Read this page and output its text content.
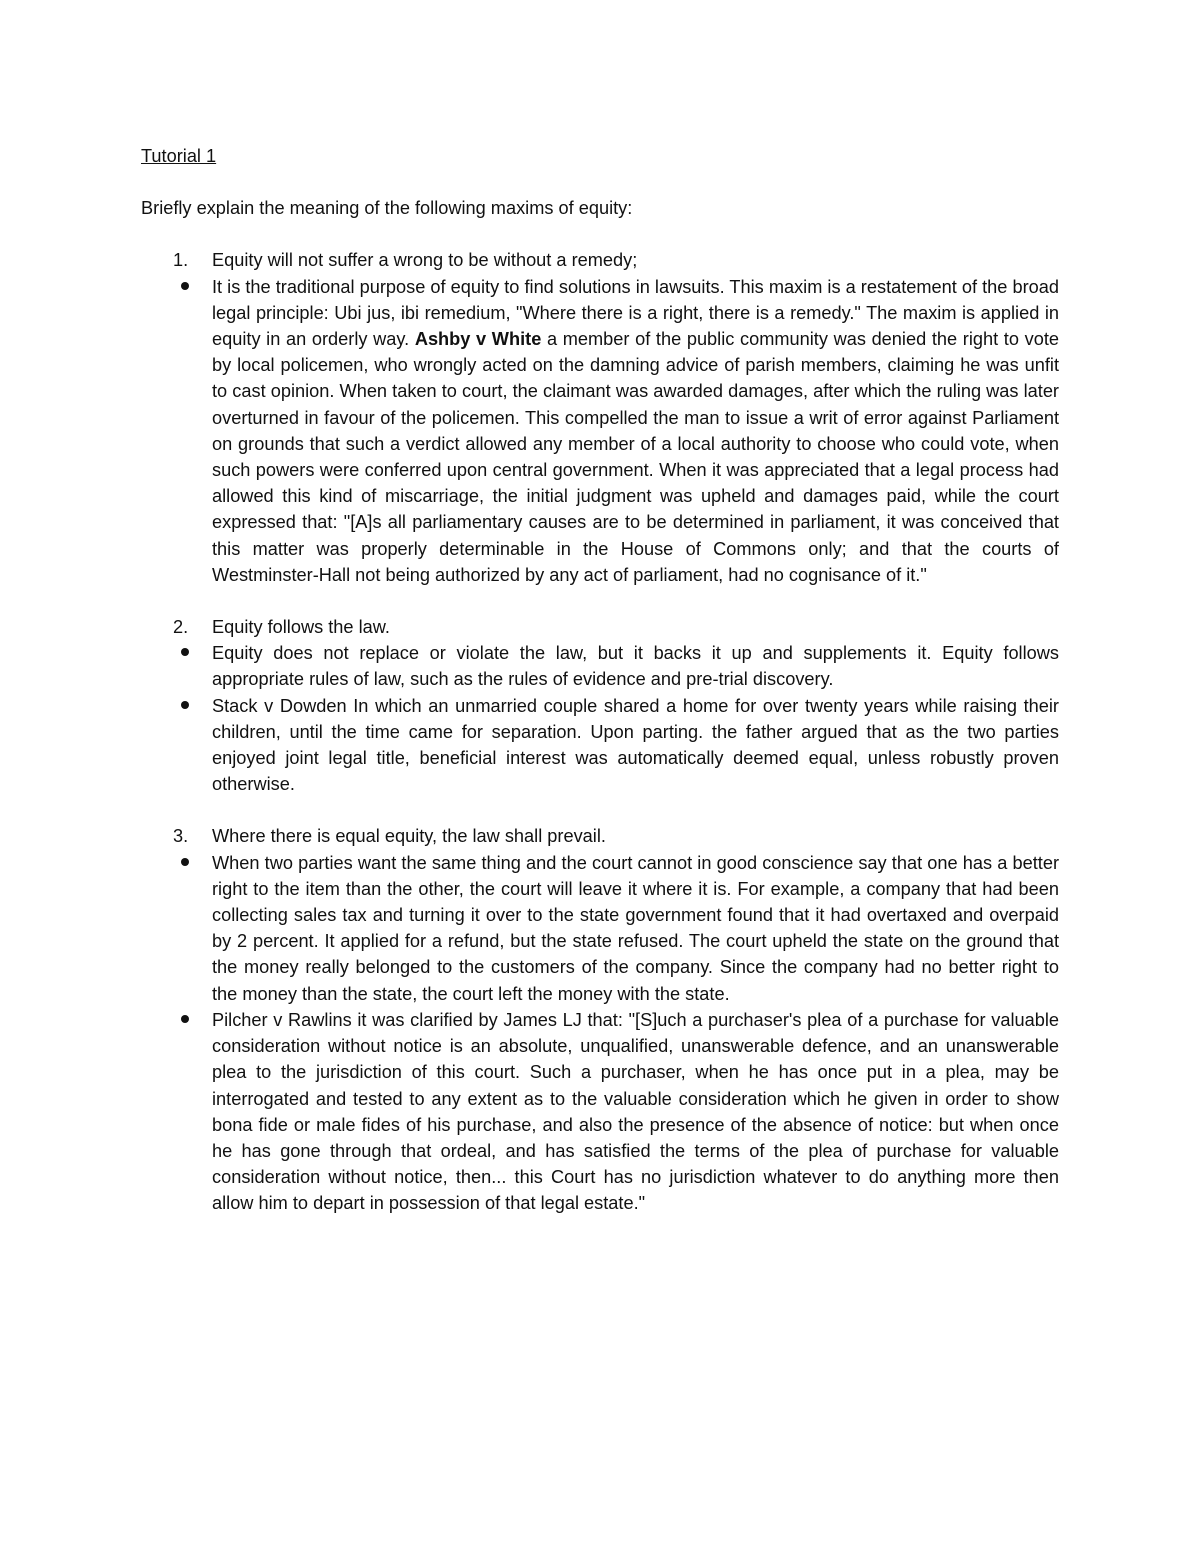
Tutorial 1

Briefly explain the meaning of the following maxims of equity:

1. Equity will not suffer a wrong to be without a remedy;
It is the traditional purpose of equity to find solutions in lawsuits. This maxim is a restatement of the broad legal principle: Ubi jus, ibi remedium, "Where there is a right, there is a remedy." The maxim is applied in equity in an orderly way. Ashby v White a member of the public community was denied the right to vote by local policemen, who wrongly acted on the damning advice of parish members, claiming he was unfit to cast opinion. When taken to court, the claimant was awarded damages, after which the ruling was later overturned in favour of the policemen. This compelled the man to issue a writ of error against Parliament on grounds that such a verdict allowed any member of a local authority to choose who could vote, when such powers were conferred upon central government. When it was appreciated that a legal process had allowed this kind of miscarriage, the initial judgment was upheld and damages paid, while the court expressed that: "[A]s all parliamentary causes are to be determined in parliament, it was conceived that this matter was properly determinable in the House of Commons only; and that the courts of Westminster-Hall not being authorized by any act of parliament, had no cognisance of it."
2. Equity follows the law.
Equity does not replace or violate the law, but it backs it up and supplements it. Equity follows appropriate rules of law, such as the rules of evidence and pre-trial discovery.
Stack v Dowden In which an unmarried couple shared a home for over twenty years while raising their children, until the time came for separation. Upon parting. the father argued that as the two parties enjoyed joint legal title, beneficial interest was automatically deemed equal, unless robustly proven otherwise.
3. Where there is equal equity, the law shall prevail.
When two parties want the same thing and the court cannot in good conscience say that one has a better right to the item than the other, the court will leave it where it is. For example, a company that had been collecting sales tax and turning it over to the state government found that it had overtaxed and overpaid by 2 percent. It applied for a refund, but the state refused. The court upheld the state on the ground that the money really belonged to the customers of the company. Since the company had no better right to the money than the state, the court left the money with the state.
Pilcher v Rawlins it was clarified by James LJ that: "[S]uch a purchaser's plea of a purchase for valuable consideration without notice is an absolute, unqualified, unanswerable defence, and an unanswerable plea to the jurisdiction of this court. Such a purchaser, when he has once put in a plea, may be interrogated and tested to any extent as to the valuable consideration which he given in order to show bona fide or male fides of his purchase, and also the presence of the absence of notice: but when once he has gone through that ordeal, and has satisfied the terms of the plea of purchase for valuable consideration without notice, then... this Court has no jurisdiction whatever to do anything more then allow him to depart in possession of that legal estate."
